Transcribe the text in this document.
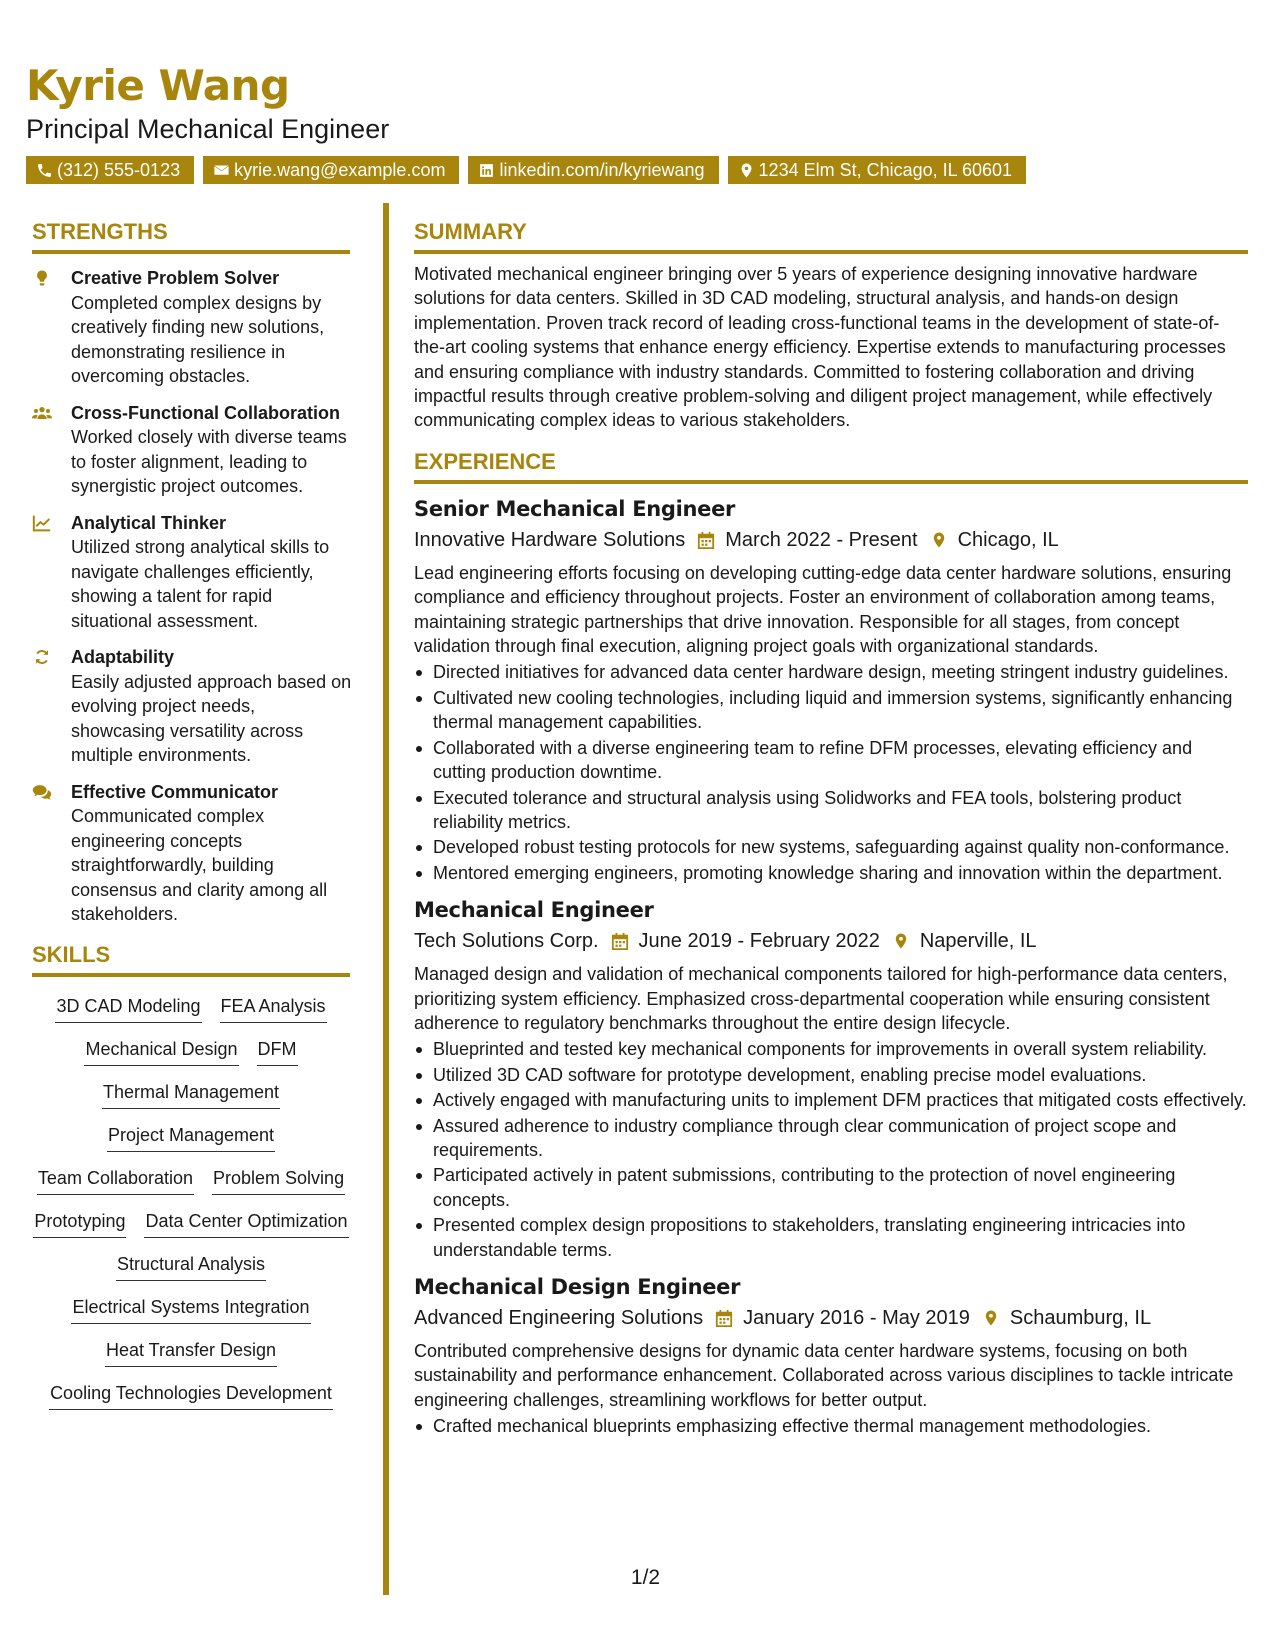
Kyrie Wang
Principal Mechanical Engineer
(312) 555-0123	kyrie.wang@example.com	linkedin.com/in/kyriewang	1234 Elm St, Chicago, IL 60601
STRENGTHS
Creative Problem Solver
Completed complex designs by creatively finding new solutions, demonstrating resilience in overcoming obstacles.
Cross-Functional Collaboration
Worked closely with diverse teams to foster alignment, leading to synergistic project outcomes.
Analytical Thinker
Utilized strong analytical skills to navigate challenges efficiently, showing a talent for rapid situational assessment.
Adaptability
Easily adjusted approach based on evolving project needs, showcasing versatility across multiple environments.
Effective Communicator
Communicated complex engineering concepts straightforwardly, building consensus and clarity among all stakeholders.
SKILLS
3D CAD Modeling FEA Analysis
Mechanical Design DFM
Thermal Management
Project Management
Team Collaboration Problem Solving
Prototyping Data Center Optimization
Structural Analysis
Electrical Systems Integration
Heat Transfer Design
Cooling Technologies Development
SUMMARY
Motivated mechanical engineer bringing over 5 years of experience designing innovative hardware solutions for data centers. Skilled in 3D CAD modeling, structural analysis, and hands-on design implementation. Proven track record of leading cross-functional teams in the development of state-of-the-art cooling systems that enhance energy efficiency. Expertise extends to manufacturing processes and ensuring compliance with industry standards. Committed to fostering collaboration and driving impactful results through creative problem-solving and diligent project management, while effectively communicating complex ideas to various stakeholders.
EXPERIENCE
Senior Mechanical Engineer
Innovative Hardware Solutions March 2022 - Present Chicago, IL
Lead engineering efforts focusing on developing cutting-edge data center hardware solutions, ensuring compliance and efficiency throughout projects. Foster an environment of collaboration among teams, maintaining strategic partnerships that drive innovation. Responsible for all stages, from concept validation through final execution, aligning project goals with organizational standards.
Directed initiatives for advanced data center hardware design, meeting stringent industry guidelines.
Cultivated new cooling technologies, including liquid and immersion systems, significantly enhancing thermal management capabilities.
Collaborated with a diverse engineering team to refine DFM processes, elevating efficiency and cutting production downtime.
Executed tolerance and structural analysis using Solidworks and FEA tools, bolstering product reliability metrics.
Developed robust testing protocols for new systems, safeguarding against quality non-conformance.
Mentored emerging engineers, promoting knowledge sharing and innovation within the department.
Mechanical Engineer
Tech Solutions Corp. June 2019 - February 2022 Naperville, IL
Managed design and validation of mechanical components tailored for high-performance data centers, prioritizing system efficiency. Emphasized cross-departmental cooperation while ensuring consistent adherence to regulatory benchmarks throughout the entire design lifecycle.
Blueprinted and tested key mechanical components for improvements in overall system reliability.
Utilized 3D CAD software for prototype development, enabling precise model evaluations.
Actively engaged with manufacturing units to implement DFM practices that mitigated costs effectively.
Assured adherence to industry compliance through clear communication of project scope and requirements.
Participated actively in patent submissions, contributing to the protection of novel engineering concepts.
Presented complex design propositions to stakeholders, translating engineering intricacies into understandable terms.
Mechanical Design Engineer
Advanced Engineering Solutions January 2016 - May 2019 Schaumburg, IL
Contributed comprehensive designs for dynamic data center hardware systems, focusing on both sustainability and performance enhancement. Collaborated across various disciplines to tackle intricate engineering challenges, streamlining workflows for better output.
Crafted mechanical blueprints emphasizing effective thermal management methodologies.
1/2
